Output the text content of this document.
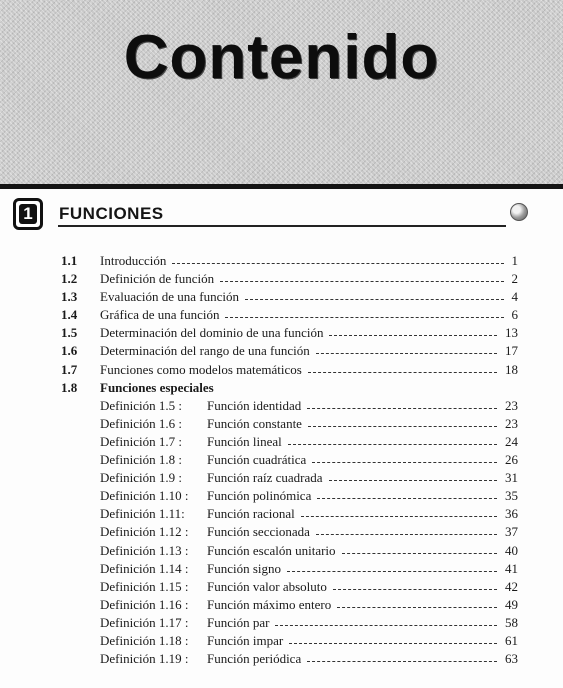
Contenido
1 FUNCIONES
1.1 Introducción	1
1.2 Definición de función	2
1.3 Evaluación de una función	4
1.4 Gráfica de una función	6
1.5 Determinación del dominio de una función	13
1.6 Determinación del rango de una función	17
1.7 Funciones como modelos matemáticos	18
1.8 Funciones especiales
Definición 1.5 : Función identidad	23
Definición 1.6 : Función constante	23
Definición 1.7 : Función lineal	24
Definición 1.8 : Función cuadrática	26
Definición 1.9 : Función raíz cuadrada	31
Definición 1.10 : Función polinómica	35
Definición 1.11: Función racional	36
Definición 1.12 : Función seccionada	37
Definición 1.13 : Función escalón unitario	40
Definición 1.14 : Función signo	41
Definición 1.15 : Función valor absoluto	42
Definición 1.16 : Función máximo entero	49
Definición 1.17 : Función par	58
Definición 1.18 : Función impar	61
Definición 1.19 : Función periódica	63
